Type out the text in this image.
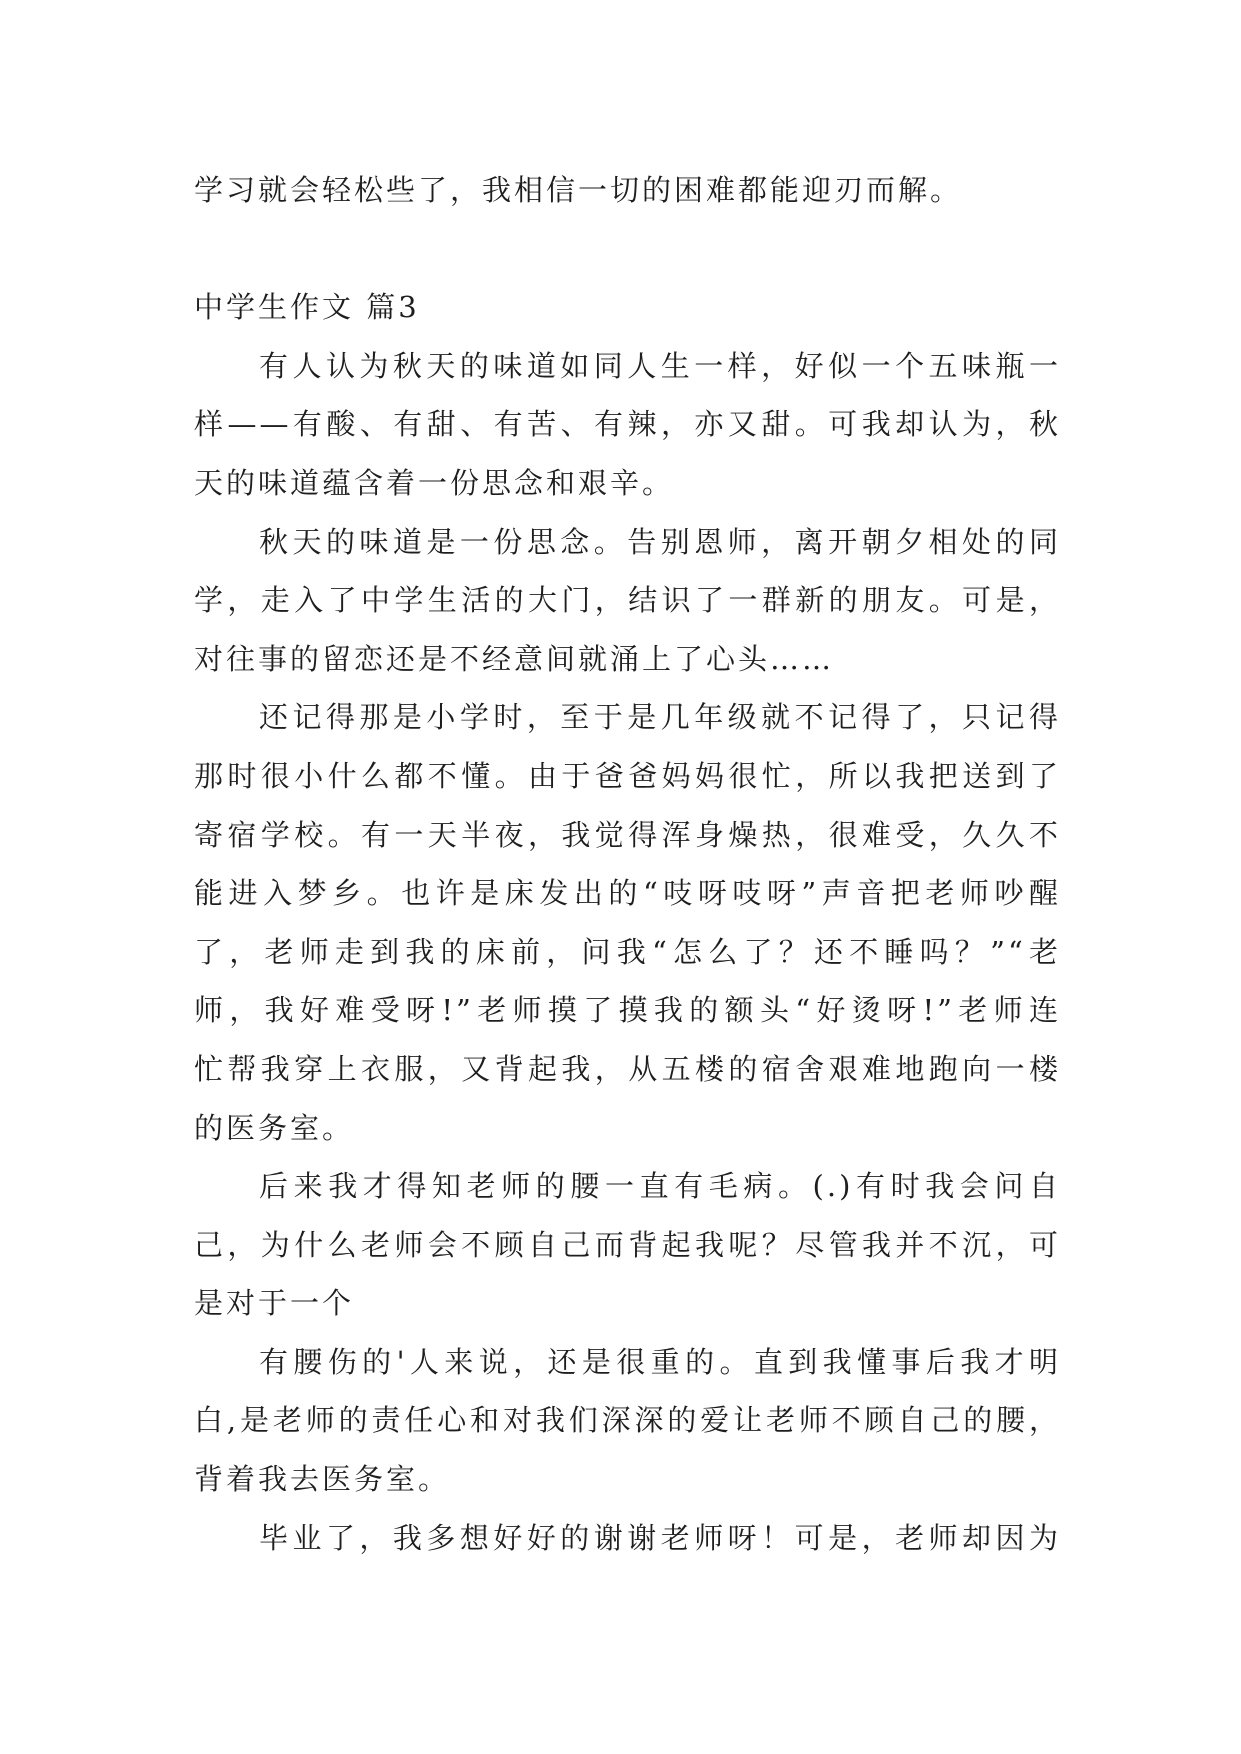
学习就会轻松些了，我相信一切的困难都能迎刃而解。
中学生作文 篇3
有人认为秋天的味道如同人生一样，好似一个五味瓶一
样——有酸、有甜、有苦、有辣，亦又甜。可我却认为，秋
天的味道蕴含着一份思念和艰辛。
秋天的味道是一份思念。告别恩师，离开朝夕相处的同
学，走入了中学生活的大门，结识了一群新的朋友。可是，
对往事的留恋还是不经意间就涌上了心头……
还记得那是小学时，至于是几年级就不记得了，只记得
那时很小什么都不懂。由于爸爸妈妈很忙，所以我把送到了
寄宿学校。有一天半夜，我觉得浑身燥热，很难受，久久不
能进入梦乡。也许是床发出的“吱呀吱呀”声音把老师吵醒
了，老师走到我的床前，问我“怎么了？还不睡吗？”“老
师，我好难受呀!”老师摸了摸我的额头“好烫呀!”老师连
忙帮我穿上衣服，又背起我，从五楼的宿舍艰难地跑向一楼
的医务室。
后来我才得知老师的腰一直有毛病。(.)有时我会问自
己，为什么老师会不顾自己而背起我呢？尽管我并不沉，可
是对于一个
有腰伤的'人来说，还是很重的。直到我懂事后我才明
白,是老师的责任心和对我们深深的爱让老师不顾自己的腰，
背着我去医务室。
毕业了，我多想好好的谢谢老师呀！可是，老师却因为
